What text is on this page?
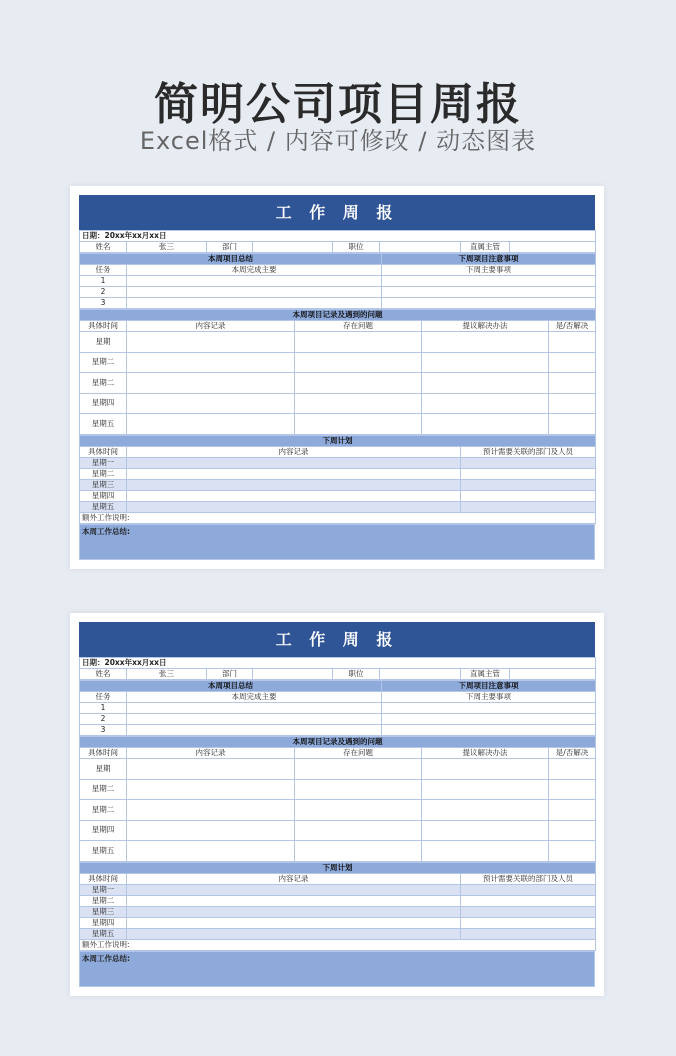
简明公司项目周报
Excel格式 / 内容可修改 / 动态图表
工 作 周 报
日期：20xx年xx月xx日
姓名	张三	部门		职位		直属主管	
本周项目总结		下周项目注意事项
任务	本周完成主要	下周主要事项
1		
2		
3		
本周项目记录及遇到的问题				
具体时间	内容记录	存在问题	提议解决办法	是/否解决
星期				
星期二				
星期二				
星期四				
星期五				
下周计划		
具体时间	内容记录	预计需要关联的部门及人员
星期一		
星期二		
星期三		
星期四		
星期五		
额外工作说明:		
本周工作总结:
工 作 周 报
日期：20xx年xx月xx日
姓名	张三	部门		职位		直属主管	
本周项目总结		下周项目注意事项
任务	本周完成主要	下周主要事项
1		
2		
3		
本周项目记录及遇到的问题				
具体时间	内容记录	存在问题	提议解决办法	是/否解决
星期				
星期二				
星期二				
星期四				
星期五				
下周计划		
具体时间	内容记录	预计需要关联的部门及人员
星期一		
星期二		
星期三		
星期四		
星期五		
额外工作说明:		
本周工作总结:
